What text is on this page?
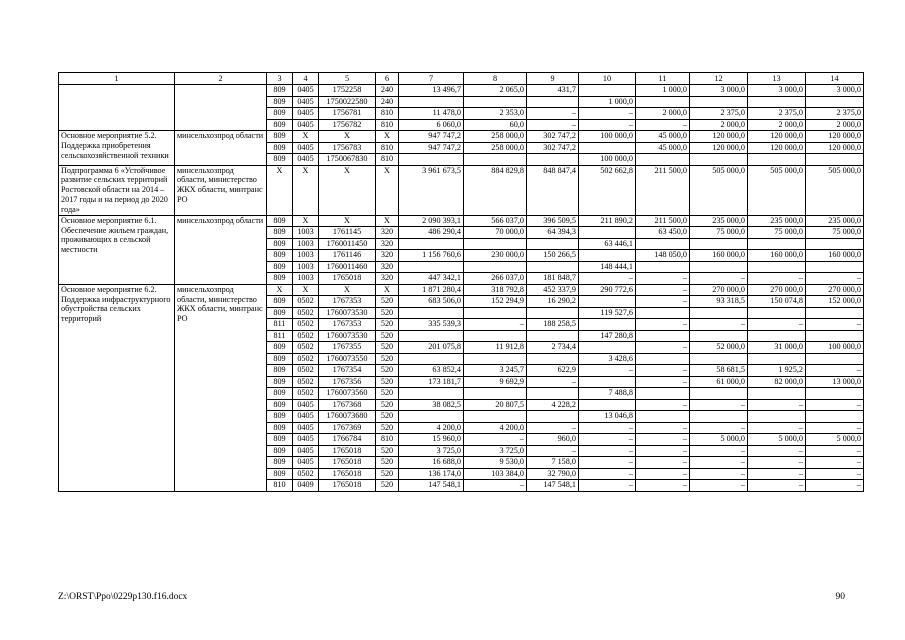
1	2	3	4	5	6	7	8	9	10	11	12	13	14
		809	0405	1752258	240	13 496,7	2 065,0	431,7		1 000,0	3 000,0	3 000,0	3 000,0
		809	0405	1750022580	240				1 000,0				
		809	0405	1756781	810	11 478,0	2 353,0	–	–	2 000,0	2 375,0	2 375,0	2 375,0
		809	0405	1756782	810	6 060,0	60,0	–	–	–	2 000,0	2 000,0	2 000,0
Основное мероприятие 5.2. Поддержка приобретения сельскохозяйственной техники	минсельхозпрод области	809	X	X	X	947 747,2	258 000,0	302 747,2	100 000,0	45 000,0	120 000,0	120 000,0	120 000,0
		809	0405	1756783	810	947 747,2	258 000,0	302 747,2		45 000,0	120 000,0	120 000,0	120 000,0
		809	0405	1750067830	810				100 000,0				
Подпрограмма 6 «Устойчивое развитие сельских территорий Ростовской области на 2014 – 2017 годы и на период до 2020 года»	минсельхозпрод области, министерство ЖКХ области, минтранс РО	X	X	X	X	3 961 673,5	884 829,8	848 847,4	502 662,8	211 500,0	505 000,0	505 000,0	505 000,0
Основное мероприятие 6.1. Обеспечение жильем граждан, проживающих в сельской местности	минсельхозпрод области	809	X	X	X	2 090 393,1	566 037,0	396 509,5	211 890,2	211 500,0	235 000,0	235 000,0	235 000,0
		809	1003	1761145	320	486 290,4	70 000,0	64 394,3		63 450,0	75 000,0	75 000,0	75 000,0
		809	1003	1760011450	320				63 446,1				
		809	1003	1761146	320	1 156 760,6	230 000,0	150 266,5		148 050,0	160 000,0	160 000,0	160 000,0
		809	1003	1760011460	320				148 444,1				
		809	1003	1765018	320	447 342,1	266 037,0	181 848,7	–	–	–	–	–
Основное мероприятие 6.2. Поддержка инфраструктурного обустройства сельских территорий	минсельхозпрод области, министерство ЖКХ области, минтранс РО	X	X	X	X	1 871 280,4	318 792,8	452 337,9	290 772,6	–	270 000,0	270 000,0	270 000,0
		809	0502	1767353	520	683 506,0	152 294,9	16 290,2		–	93 318,5	150 074,8	152 000,0
		809	0502	1760073530	520				119 527,6				
		811	0502	1767353	520	335 539,3	–	188 258,5		–	–	–	–
		811	0502	1760073530	520				147 280,8				
		809	0502	1767355	520	201 075,8	11 912,8	2 734,4		–	52 000,0	31 000,0	100 000,0
		809	0502	1760073550	520				3 428,6				
		809	0502	1767354	520	63 852,4	3 245,7	622,9	–	–	58 681,5	1 925,2	–
		809	0502	1767356	520	173 181,7	9 692,9	–		–	61 000,0	82 000,0	13 000,0
		809	0502	1760073560	520				7 488,8				
		809	0405	1767368	520	38 082,5	20 807,5	4 228,2		–	–	–	–
		809	0405	1760073680	520				13 046,8				
		809	0405	1767369	520	4 200,0	4 200,0	–	–	–	–	–	–
		809	0405	1766784	810	15 960,0	–	960,0	–	–	5 000,0	5 000,0	5 000,0
		809	0405	1765018	520	3 725,0	3 725,0	–	–	–	–	–	–
		809	0405	1765018	520	16 688,0	9 530,0	7 158,0	–	–	–	–	–
		809	0502	1765018	520	136 174,0	103 384,0	32 790,0	–	–	–	–	–
		810	0409	1765018	520	147 548,1	–	147 548,1	–	–	–	–	–
Z:\ORST\Ppo\0229p130.f16.docx	90
